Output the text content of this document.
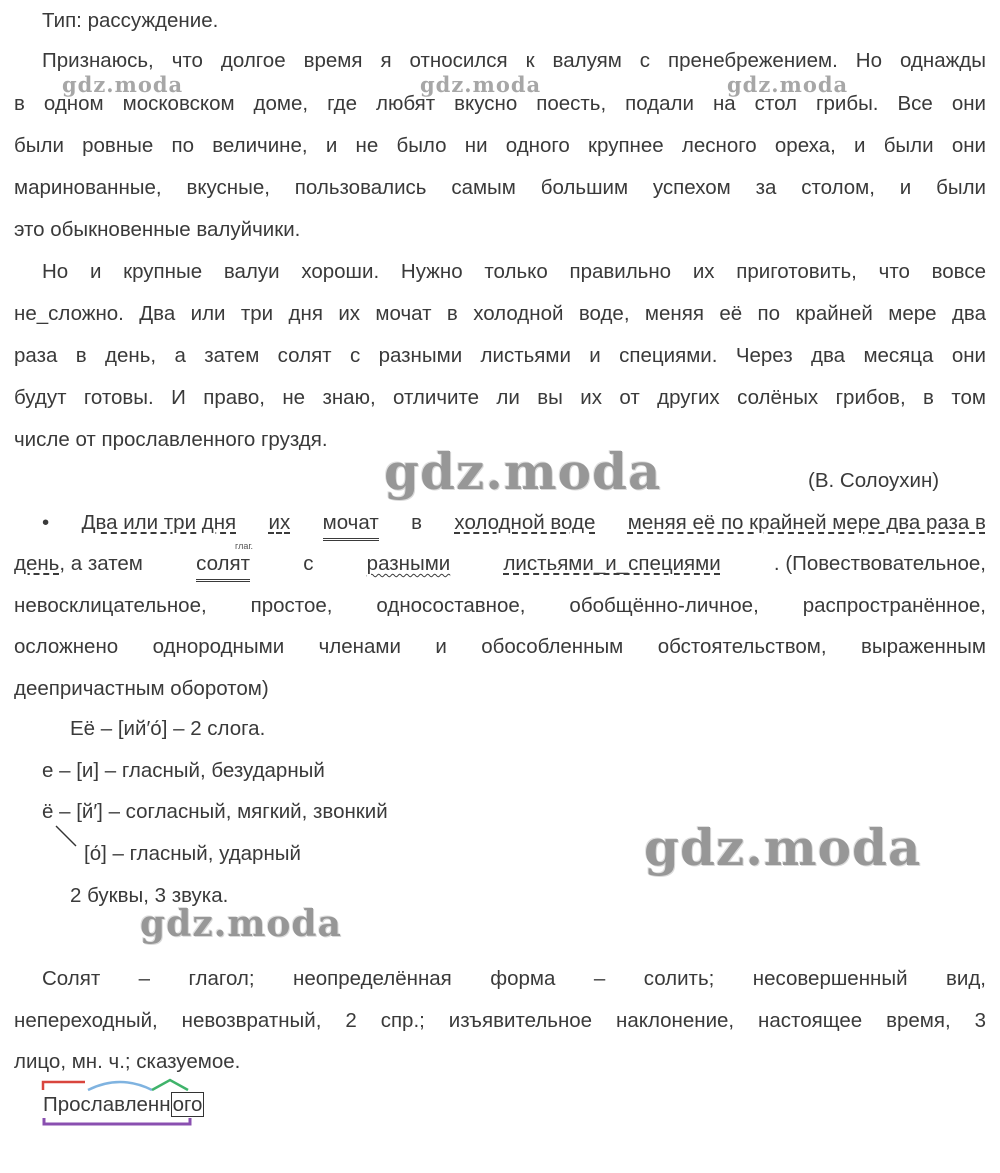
Тип: рассуждение.
Признаюсь, что долгое время я относился к валуям с пренебрежением. Но однажды
в одном московском доме, где любят вкусно поесть, подали на стол грибы. Все они
были ровные по величине, и не было ни одного крупнее лесного ореха, и были они
маринованные, вкусные, пользовались самым большим успехом за столом, и были
это обыкновенные валуйчики.
Но и крупные валуи хороши. Нужно только правильно их приготовить, что вовсе
не_сложно. Два или три дня их мочат в холодной воде, меняя её по крайней мере два
раза в день, а затем солят с разными листьями и специями. Через два месяца они
будут готовы. И право, не знаю, отличите ли вы их от других солёных грибов, в том
числе от прославленного груздя.
(В. Солоухин)
• Два или три дня их мочат в холодной воде меняя её по крайней мере два раза в
день, а затем	солят	с	разными	листьями_и_специями	. (Повествовательное,
глаг.
невосклицательное, простое, односоставное, обобщённо-личное, распространённое,
осложнено однородными членами и обособленным обстоятельством, выраженным
деепричастным оборотом)
Её – [ий′о́] – 2 слога.
е – [и] – гласный, безударный
ё – [й′] – согласный, мягкий, звонкий
[о́] – гласный, ударный
2 буквы, 3 звука.
Солят – глагол; неопределённая форма – солить; несовершенный вид,
непереходный, невозвратный, 2 спр.; изъявительное наклонение, настоящее время, 3
лицо, мн. ч.; сказуемое.
Прославленного
gdz.moda	gdz.moda	gdz.moda
gdz.moda
gdz.moda
gdz.moda
